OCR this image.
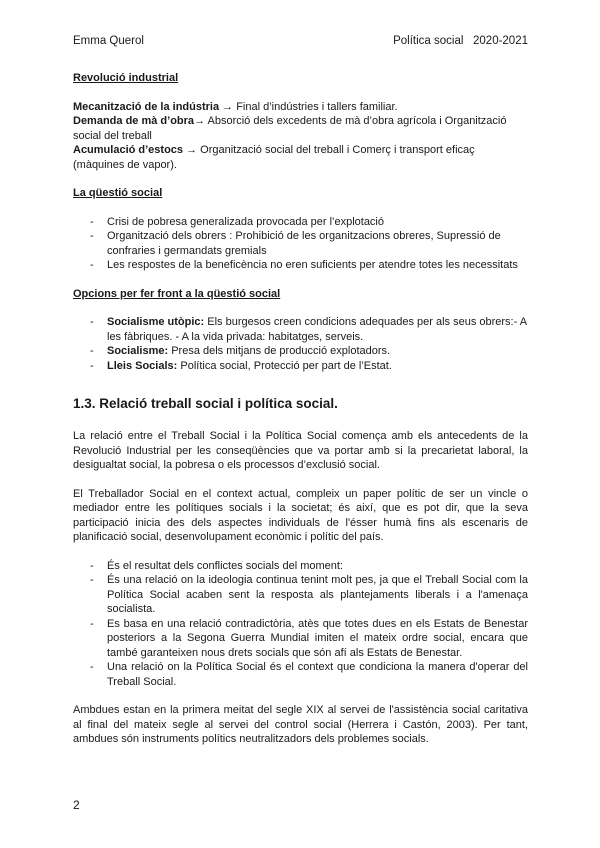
Emma Querol	Política social   2020-2021

Revolució industrial

Mecanització de la indústria → Final d’indústries i tallers familiar.

Demanda de mà d’obra→ Absorció dels excedents de mà d’obra agrícola i Organització social del treball

Acumulació d’estocs → Organització social del treball i Comerç i transport eficaç (màquines de vapor).

La qüestió social

- Crisi de pobresa generalizada provocada per l’explotació
- Organització dels obrers : Prohibició de les organitzacions obreres, Supressió de confraries i germandats gremials
- Les respostes de la beneficència no eren suficients per atendre totes les necessitats

Opcions per fer front a la qüestió social

- Socialisme utòpic: Els burgesos creen condicions adequades per als seus obrers:- A les fàbriques. - A la vida privada: habitatges, serveis.
- Socialisme: Presa dels mitjans de producció explotadors.
- Lleis Socials: Política social, Protecció per part de l’Estat.

1.3. Relació treball social i política social.

La relació entre el Treball Social i la Política Social comença amb els antecedents de la Revolució Industrial per les conseqüències que va portar amb si la precarietat laboral, la desigualtat social, la pobresa o els processos d’exclusió social.

El Treballador Social en el context actual, compleix un paper polític de ser un vincle o mediador entre les polítiques socials i la societat; és així, que es pot dir, que la seva participació inicia des dels aspectes individuals de l'ésser humà fins als escenaris de planificació social, desenvolupament econòmic i polític del país.

- És el resultat dels conflictes socials del moment:
- És una relació on la ideologia continua tenint molt pes, ja que el Treball Social com la Política Social acaben sent la resposta als plantejaments liberals i a l'amenaça socialista.
- Es basa en una relació contradictòria, atès que totes dues en els Estats de Benestar posteriors a la Segona Guerra Mundial imiten el mateix ordre social, encara que també garanteixen nous drets socials que són afí als Estats de Benestar.
- Una relació on la Política Social és el context que condiciona la manera d'operar del Treball Social.

Ambdues estan en la primera meitat del segle XIX al servei de l'assistència social caritativa al final del mateix segle al servei del control social (Herrera i Castón, 2003). Per tant, ambdues són instruments polítics neutralitzadors dels problemes socials.

2
